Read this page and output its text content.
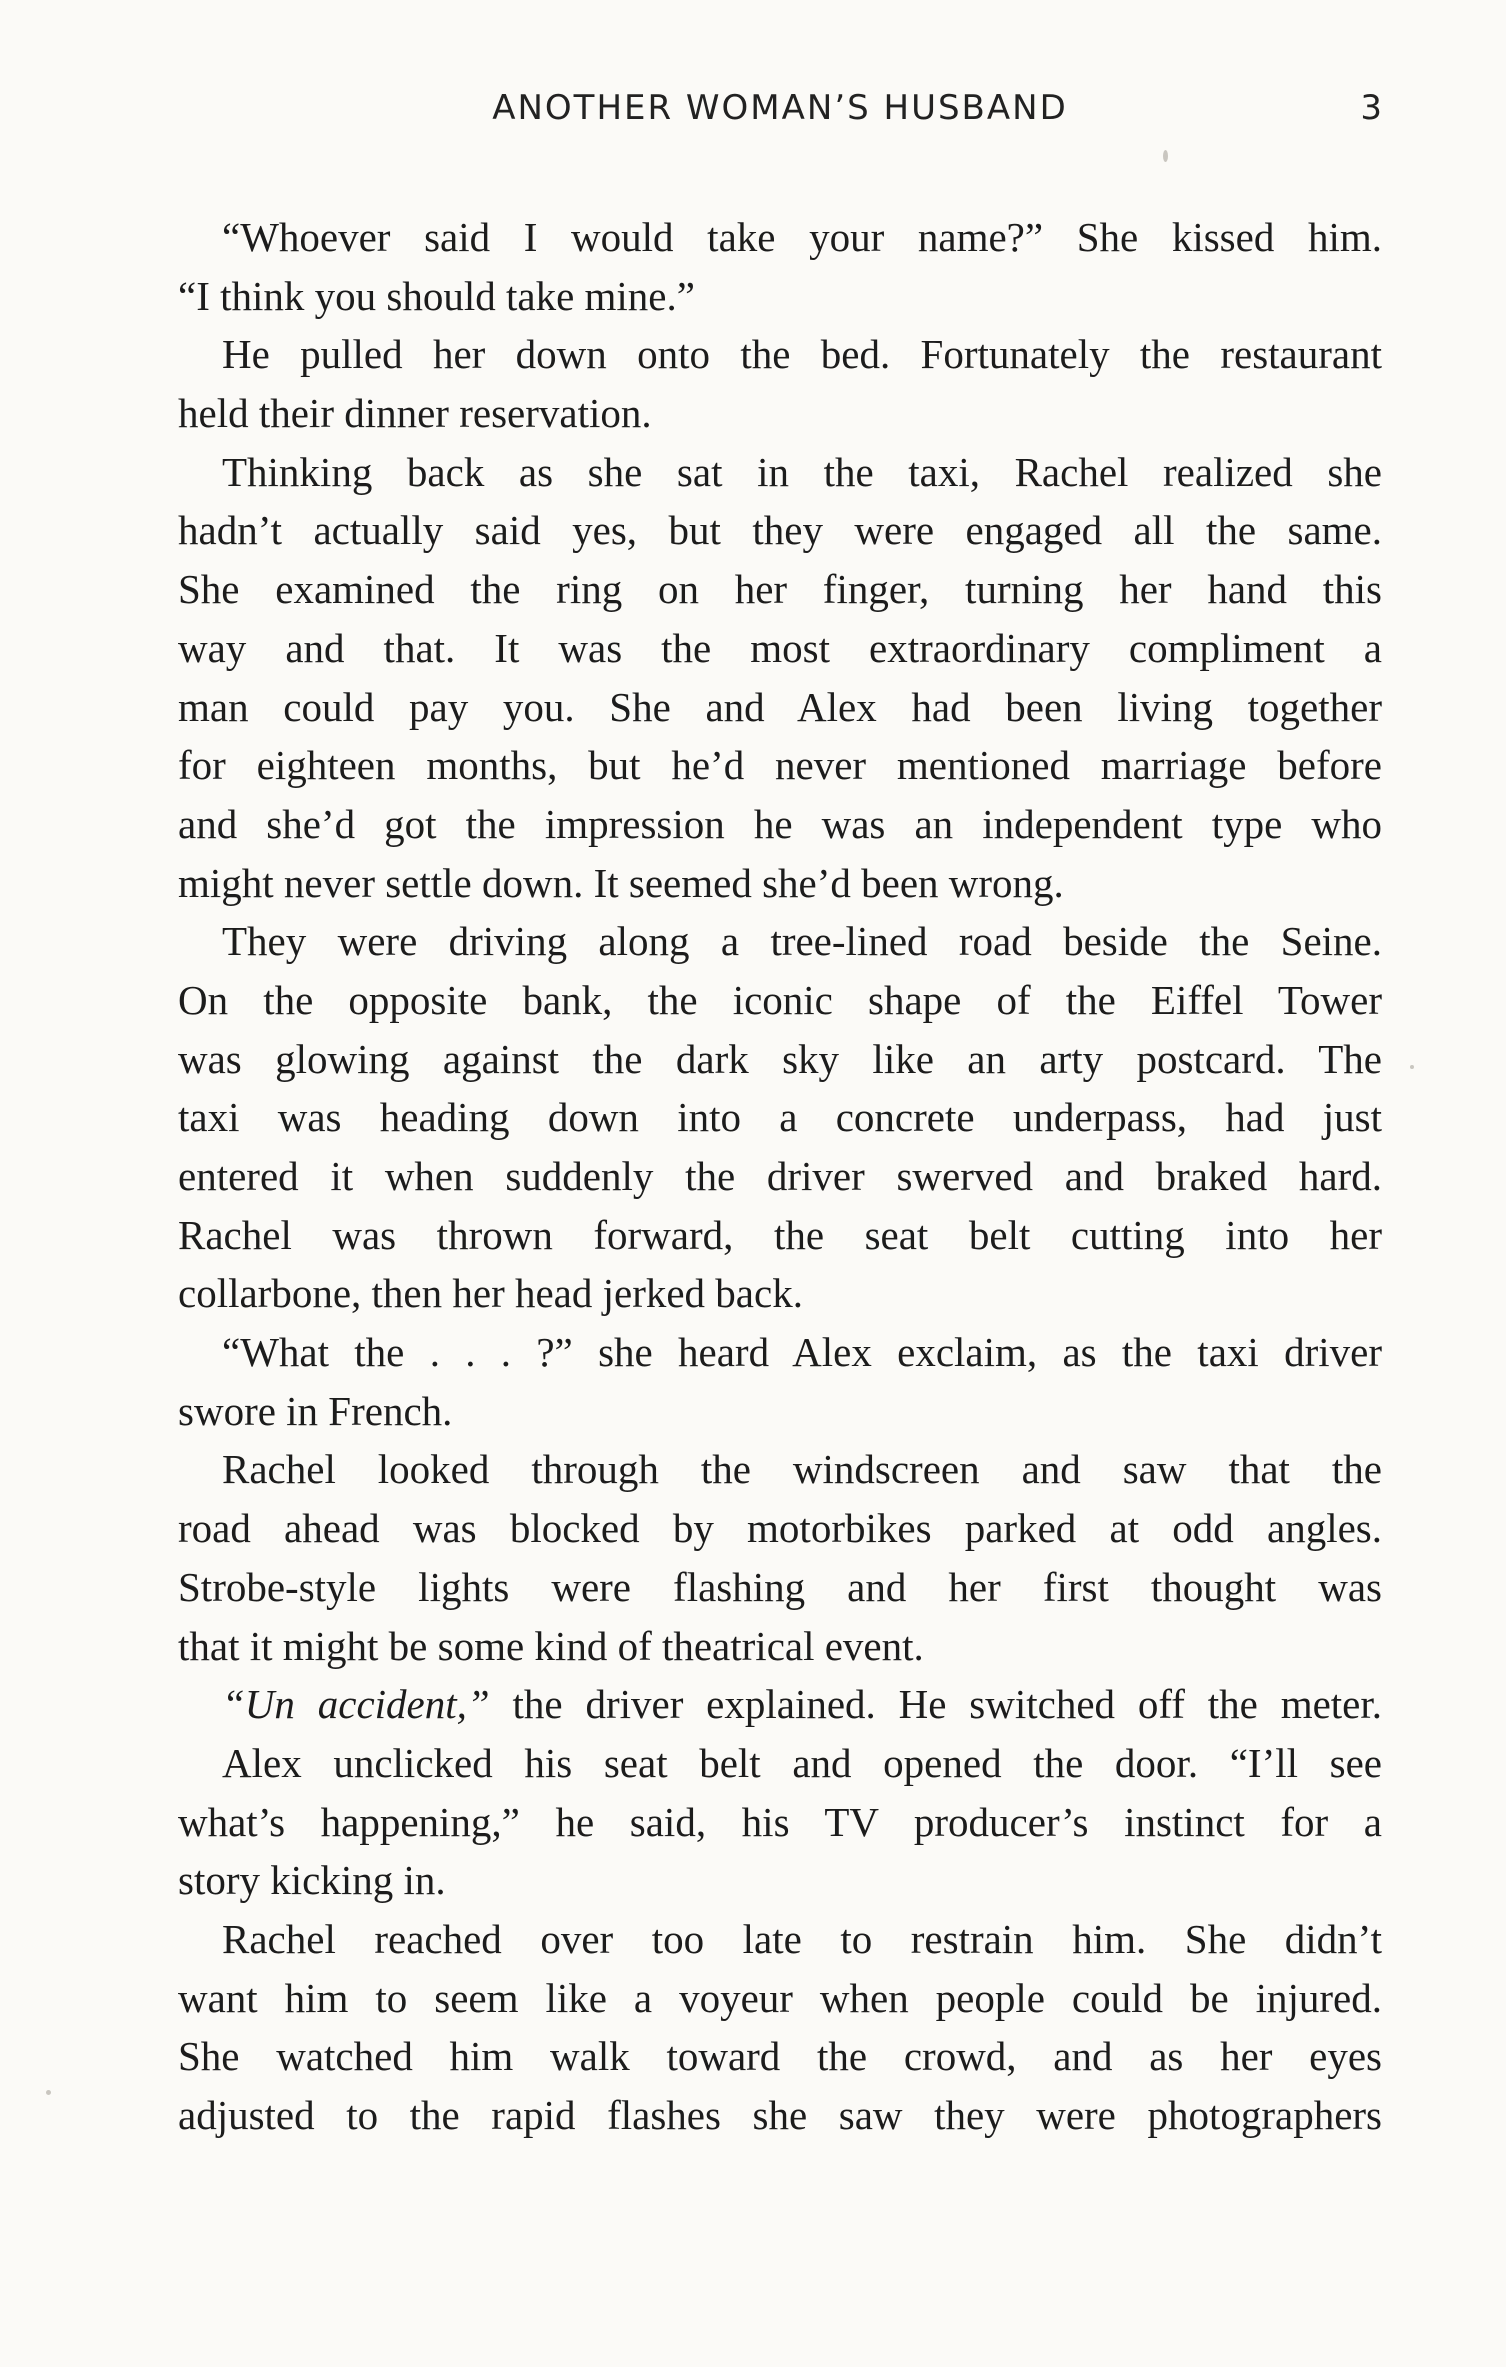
ANOTHER WOMAN’S HUSBAND	3
“Whoever said I would take your name?” She kissed him.
“I think you should take mine.”
He pulled her down onto the bed. Fortunately the restaurant
held their dinner reservation.
Thinking back as she sat in the taxi, Rachel realized she
hadn’t actually said yes, but they were engaged all the same.
She examined the ring on her finger, turning her hand this
way and that. It was the most extraordinary compliment a
man could pay you. She and Alex had been living together
for eighteen months, but he’d never mentioned marriage before
and she’d got the impression he was an independent type who
might never settle down. It seemed she’d been wrong.
They were driving along a tree-lined road beside the Seine.
On the opposite bank, the iconic shape of the Eiffel Tower
was glowing against the dark sky like an arty postcard. The
taxi was heading down into a concrete underpass, had just
entered it when suddenly the driver swerved and braked hard.
Rachel was thrown forward, the seat belt cutting into her
collarbone, then her head jerked back.
“What the . . . ?” she heard Alex exclaim, as the taxi driver
swore in French.
Rachel looked through the windscreen and saw that the
road ahead was blocked by motorbikes parked at odd angles.
Strobe-style lights were flashing and her first thought was
that it might be some kind of theatrical event.
“Un accident,” the driver explained. He switched off the meter.
Alex unclicked his seat belt and opened the door. “I’ll see
what’s happening,” he said, his TV producer’s instinct for a
story kicking in.
Rachel reached over too late to restrain him. She didn’t
want him to seem like a voyeur when people could be injured.
She watched him walk toward the crowd, and as her eyes
adjusted to the rapid flashes she saw they were photographers
